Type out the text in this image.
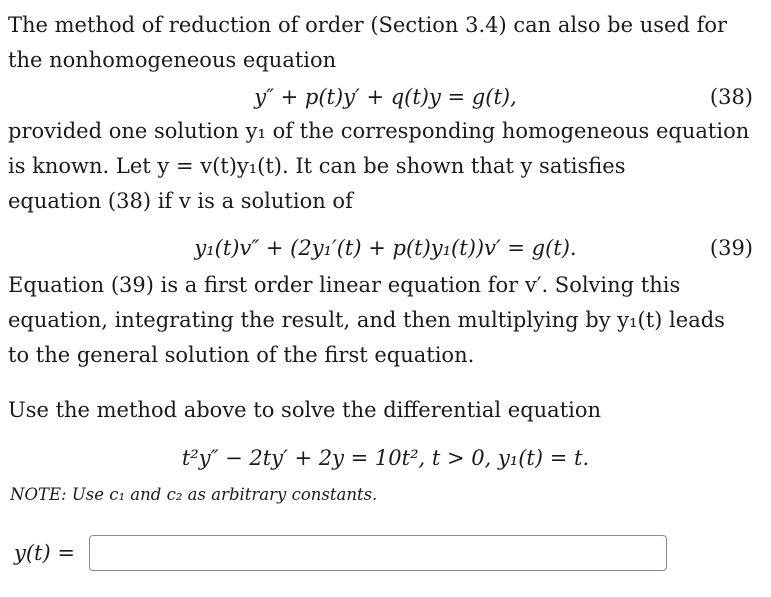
The method of reduction of order (Section 3.4) can also be used for
the nonhomogeneous equation
y″ + p(t)y′ + q(t)y = g(t),	(38)
provided one solution y₁ of the corresponding homogeneous equation
is known. Let y = v(t)y₁(t). It can be shown that y satisfies
equation (38) if v is a solution of
y₁(t)v″ + (2y₁′(t) + p(t)y₁(t))v′ = g(t).	(39)
Equation (39) is a first order linear equation for v′. Solving this
equation, integrating the result, and then multiplying by y₁(t) leads
to the general solution of the first equation.
Use the method above to solve the differential equation
t²y″ − 2ty′ + 2y = 10t², t > 0, y₁(t) = t.
NOTE: Use c₁ and c₂ as arbitrary constants.
y(t) =
